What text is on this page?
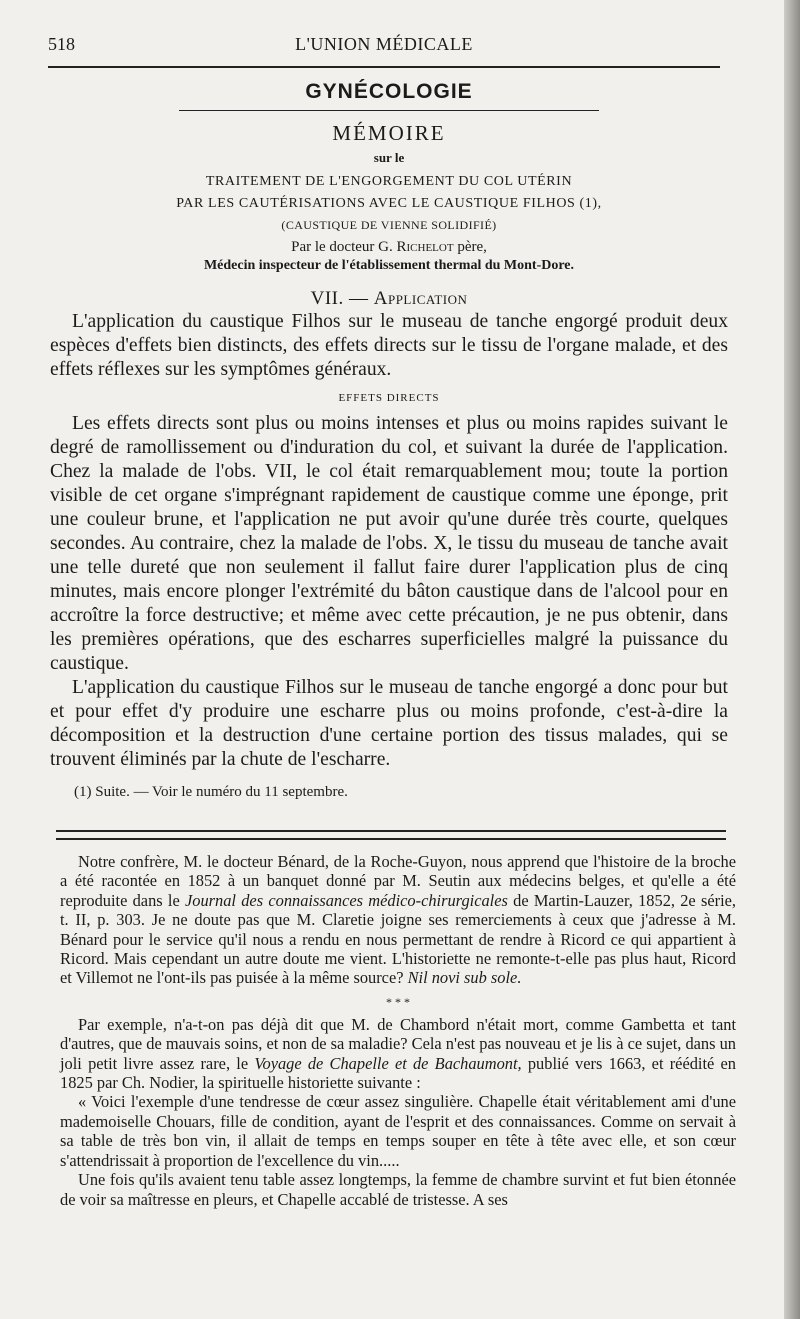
L'UNION MÉDICALE
518
GYNÉCOLOGIE
MÉMOIRE
sur le
TRAITEMENT DE L'ENGORGEMENT DU COL UTÉRIN
PAR LES CAUTÉRISATIONS AVEC LE CAUSTIQUE FILHOS (1),
(CAUSTIQUE DE VIENNE SOLIDIFIÉ)
Par le docteur G. Richelot père,
Médecin inspecteur de l'établissement thermal du Mont-Dore.
VII. — Application

L'application du caustique Filhos sur le museau de tanche engorgé produit deux espèces d'effets bien distincts, des effets directs sur le tissu de l'organe malade, et des effets réflexes sur les symptômes généraux.

EFFETS DIRECTS

Les effets directs sont plus ou moins intenses et plus ou moins rapides suivant le degré de ramollissement ou d'induration du col, et suivant la durée de l'application. Chez la malade de l'obs. VII, le col était remarquablement mou; toute la portion visible de cet organe s'imprégnant rapidement de caustique comme une éponge, prit une couleur brune, et l'application ne put avoir qu'une durée très courte, quelques secondes. Au contraire, chez la malade de l'obs. X, le tissu du museau de tanche avait une telle dureté que non seulement il fallut faire durer l'application plus de cinq minutes, mais encore plonger l'extrémité du bâton caustique dans de l'alcool pour en accroître la force destructive; et même avec cette précaution, je ne pus obtenir, dans les premières opérations, que des escharres superficielles malgré la puissance du caustique.

L'application du caustique Filhos sur le museau de tanche engorgé a donc pour but et pour effet d'y produire une escharre plus ou moins profonde, c'est-à-dire la décomposition et la destruction d'une certaine portion des tissus malades, qui se trouvent éliminés par la chute de l'escharre.

(1) Suite. — Voir le numéro du 11 septembre.

Notre confrère, M. le docteur Bénard, de la Roche-Guyon, nous apprend que l'histoire de la broche a été racontée en 1852 à un banquet donné par M. Seutin aux médecins belges, et qu'elle a été reproduite dans le Journal des connaissances médico-chirurgicales de Martin-Lauzer, 1852, 2e série, t. II, p. 303. Je ne doute pas que M. Claretie joigne ses remerciements à ceux que j'adresse à M. Bénard pour le service qu'il nous a rendu en nous permettant de rendre à Ricord ce qui appartient à Ricord. Mais cependant un autre doute me vient. L'historiette ne remonte-t-elle pas plus haut, Ricord et Villemot ne l'ont-ils pas puisée à la même source? Nil novi sub sole.

* * *

Par exemple, n'a-t-on pas déjà dit que M. de Chambord n'était mort, comme Gambetta et tant d'autres, que de mauvais soins, et non de sa maladie? Cela n'est pas nouveau et je lis à ce sujet, dans un joli petit livre assez rare, le Voyage de Chapelle et de Bachaumont, publié vers 1663, et réédité en 1825 par Ch. Nodier, la spirituelle historiette suivante :

« Voici l'exemple d'une tendresse de cœur assez singulière. Chapelle était véritablement ami d'une mademoiselle Chouars, fille de condition, ayant de l'esprit et des connaissances. Comme on servait à sa table de très bon vin, il allait de temps en temps souper en tête à tête avec elle, et son cœur s'attendrissait à proportion de l'excellence du vin.....

Une fois qu'ils avaient tenu table assez longtemps, la femme de chambre survint et fut bien étonnée de voir sa maîtresse en pleurs, et Chapelle accablé de tristesse. A ses
